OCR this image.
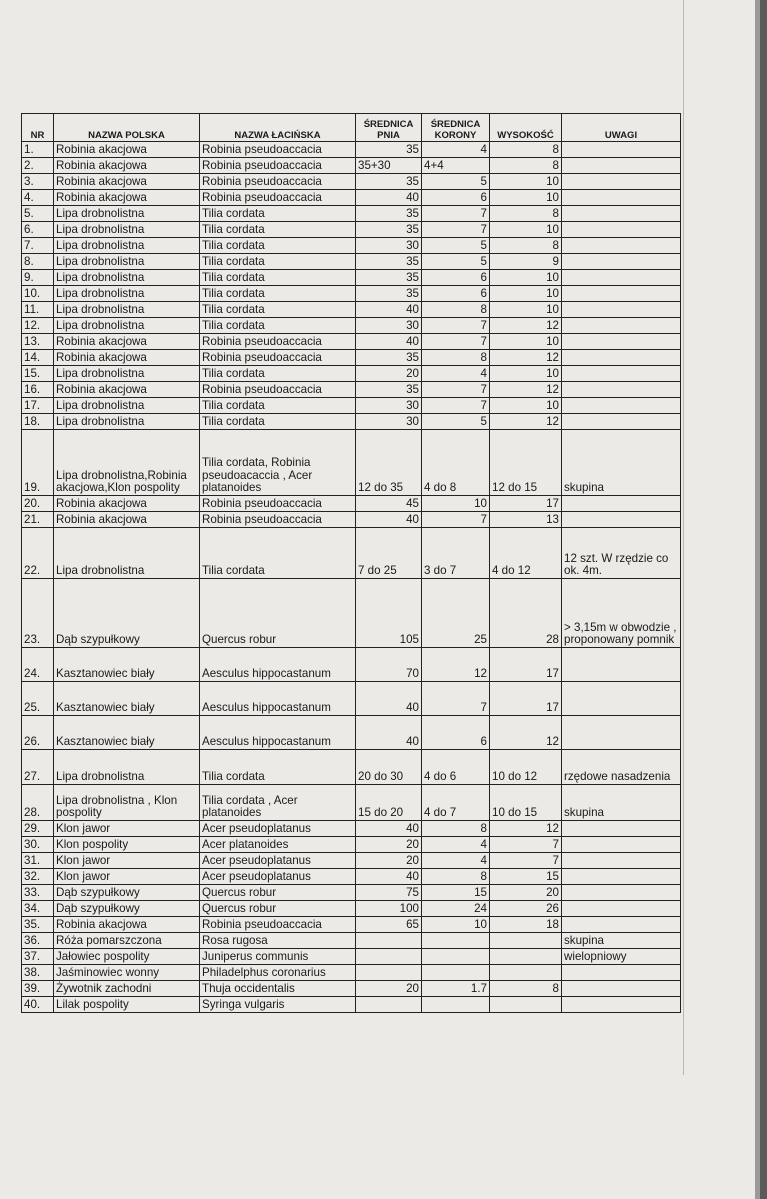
NR	NAZWA POLSKA	NAZWA ŁACIŃSKA	ŚREDNICA PNIA	ŚREDNICA KORONY	WYSOKOŚĆ	UWAGI
1.	Robinia akacjowa	Robinia pseudoaccacia	35	4	8	
2.	Robinia akacjowa	Robinia pseudoaccacia	35+30	4+4	8	
3.	Robinia akacjowa	Robinia pseudoaccacia	35	5	10	
4.	Robinia akacjowa	Robinia pseudoaccacia	40	6	10	
5.	Lipa drobnolistna	Tilia cordata	35	7	8	
6.	Lipa drobnolistna	Tilia cordata	35	7	10	
7.	Lipa drobnolistna	Tilia cordata	30	5	8	
8.	Lipa drobnolistna	Tilia cordata	35	5	9	
9.	Lipa drobnolistna	Tilia cordata	35	6	10	
10.	Lipa drobnolistna	Tilia cordata	35	6	10	
11.	Lipa drobnolistna	Tilia cordata	40	8	10	
12.	Lipa drobnolistna	Tilia cordata	30	7	12	
13.	Robinia akacjowa	Robinia pseudoaccacia	40	7	10	
14.	Robinia akacjowa	Robinia pseudoaccacia	35	8	12	
15.	Lipa drobnolistna	Tilia cordata	20	4	10	
16.	Robinia akacjowa	Robinia pseudoaccacia	35	7	12	
17.	Lipa drobnolistna	Tilia cordata	30	7	10	
18.	Lipa drobnolistna	Tilia cordata	30	5	12	
19.	Lipa drobnolistna,Robinia akacjowa,Klon pospolity	Tilia cordata, Robinia pseudoacaccia , Acer platanoides	12 do 35	4 do 8	12 do 15	skupina
20.	Robinia akacjowa	Robinia pseudoaccacia	45	10	17	
21.	Robinia akacjowa	Robinia pseudoaccacia	40	7	13	
22.	Lipa drobnolistna	Tilia cordata	7 do 25	3 do 7	4 do 12	12 szt. W rzędzie co ok. 4m.
23.	Dąb szypułkowy	Quercus robur	105	25	28	> 3,15m w obwodzie , proponowany pomnik
24.	Kasztanowiec biały	Aesculus hippocastanum	70	12	17	
25.	Kasztanowiec biały	Aesculus hippocastanum	40	7	17	
26.	Kasztanowiec biały	Aesculus hippocastanum	40	6	12	
27.	Lipa drobnolistna	Tilia cordata	20 do 30	4 do 6	10 do 12	rzędowe nasadzenia
28.	Lipa drobnolistna , Klon pospolity	Tilia cordata , Acer platanoides	15 do 20	4 do 7	10 do 15	skupina
29.	Klon jawor	Acer pseudoplatanus	40	8	12	
30.	Klon pospolity	Acer platanoides	20	4	7	
31.	Klon jawor	Acer pseudoplatanus	20	4	7	
32.	Klon jawor	Acer pseudoplatanus	40	8	15	
33.	Dąb szypułkowy	Quercus robur	75	15	20	
34.	Dąb szypułkowy	Quercus robur	100	24	26	
35.	Robinia akacjowa	Robinia pseudoaccacia	65	10	18	
36.	Róża pomarszczona	Rosa rugosa				skupina
37.	Jałowiec pospolity	Juniperus communis				wielopniowy
38.	Jaśminowiec wonny	Philadelphus coronarius				
39.	Żywotnik zachodni	Thuja occidentalis	20	1.7	8	
40.	Lilak pospolity	Syringa vulgaris				
